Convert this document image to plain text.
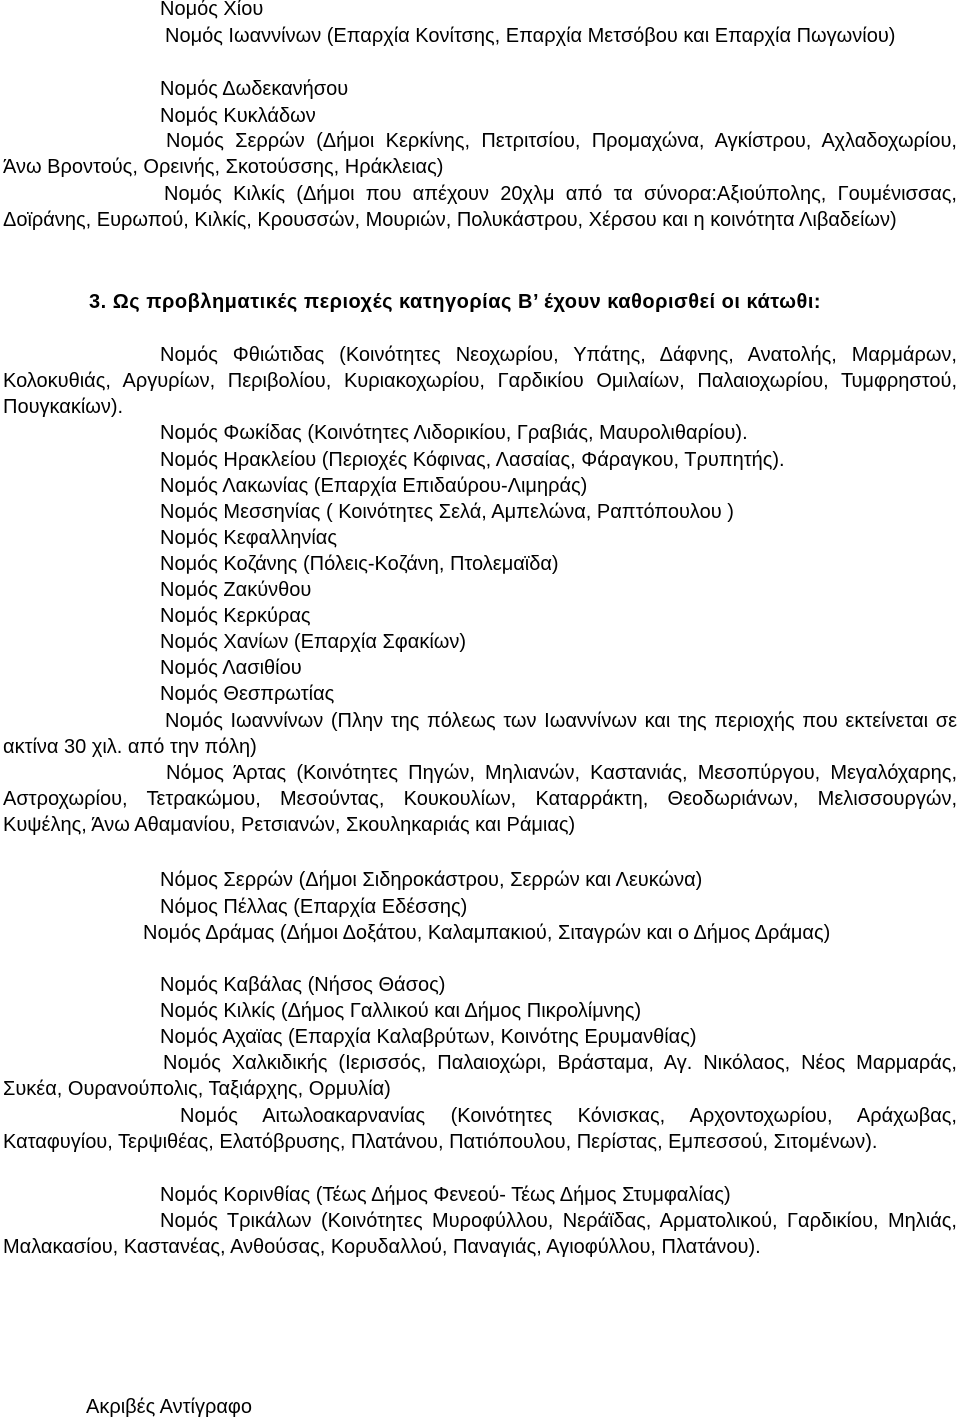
Νομός Χίου

Νομός Ιωαννίνων (Επαρχία Κονίτσης, Επαρχία Μετσόβου και Επαρχία Πωγωνίου)

Νομός Δωδεκανήσου

Νομός Κυκλάδων

Νομός Σερρών (Δήμοι Κερκίνης, Πετριτσίου, Προμαχώνα, Αγκίστρου, Αχλαδοχωρίου, Άνω Βροντούς, Ορεινής, Σκοτούσσης, Ηράκλειας)

Νομός Κιλκίς (Δήμοι που απέχουν 20χλμ από τα σύνορα:Αξιούπολης, Γουμένισσας, Δοϊράνης, Ευρωπού, Κιλκίς, Κρουσσών, Μουριών, Πολυκάστρου, Χέρσου και η κοινότητα Λιβαδείων)

3. Ως προβληματικές περιοχές κατηγορίας Β’ έχουν καθορισθεί οι κάτωθι:

Νομός Φθιώτιδας (Κοινότητες Νεοχωρίου, Υπάτης, Δάφνης, Ανατολής, Μαρμάρων, Κολοκυθιάς, Αργυρίων, Περιβολίου, Κυριακοχωρίου, Γαρδικίου Ομιλαίων, Παλαιοχωρίου, Τυμφρηστού, Πουγκακίων).

Νομός Φωκίδας (Κοινότητες Λιδορικίου, Γραβιάς, Μαυρολιθαρίου).

Νομός Ηρακλείου (Περιοχές Κόφινας, Λασαίας, Φάραγκου, Τρυπητής).

Νομός Λακωνίας (Επαρχία Επιδαύρου-Λιμηράς)

Νομός Μεσσηνίας ( Κοινότητες Σελά, Αμπελώνα, Ραπτόπουλου )

Νομός Κεφαλληνίας

Νομός Κοζάνης (Πόλεις-Κοζάνη, Πτολεμαϊδα)

Νομός Ζακύνθου

Νομός Κερκύρας

Νομός Χανίων (Επαρχία Σφακίων)

Νομός Λασιθίου

Νομός Θεσπρωτίας

Νομός Ιωαννίνων (Πλην της πόλεως των Ιωαννίνων και της περιοχής που εκτείνεται σε ακτίνα 30 χιλ. από την πόλη)

Νόμος Άρτας (Κοινότητες Πηγών, Μηλιανών, Καστανιάς, Μεσοπύργου, Μεγαλόχαρης, Αστροχωρίου, Τετρακώμου, Μεσούντας, Κουκουλίων, Καταρράκτη, Θεοδωριάνων, Μελισσουργών, Κυψέλης, Άνω Αθαμανίου, Ρετσιανών, Σκουληκαριάς και Ράμιας)

Νόμος Σερρών (Δήμοι Σιδηροκάστρου, Σερρών και Λευκώνα)

Νόμος Πέλλας (Επαρχία Εδέσσης)

Νομός Δράμας (Δήμοι Δοξάτου, Καλαμπακιού, Σιταγρών και ο Δήμος Δράμας)

Νομός Καβάλας (Νήσος Θάσος)

Νομός Κιλκίς (Δήμος Γαλλικού και Δήμος Πικρολίμνης)

Νομός Αχαϊας (Επαρχία Καλαβρύτων, Κοινότης Ερυμανθίας)

Νομός Χαλκιδικής (Ιερισσός, Παλαιοχώρι, Βράσταμα, Αγ. Νικόλαος, Νέος Μαρμαράς, Συκέα, Ουρανούπολις, Ταξιάρχης, Ορμυλία)

Νομός Αιτωλοακαρνανίας (Κοινότητες Κόνισκας, Αρχοντοχωρίου, Αράχωβας, Καταφυγίου, Τερψιθέας, Ελατόβρυσης, Πλατάνου, Πατιόπουλου, Περίστας, Εμπεσσού, Σιτομένων).

Νομός Κορινθίας (Τέως Δήμος Φενεού- Τέως Δήμος Στυμφαλίας)

Νομός Τρικάλων (Κοινότητες Μυροφύλλου, Νεράϊδας, Αρματολικού, Γαρδικίου, Μηλιάς, Μαλακασίου, Καστανέας, Ανθούσας, Κορυδαλλού, Παναγιάς, Αγιοφύλλου, Πλατάνου).

Ακριβές Αντίγραφο
